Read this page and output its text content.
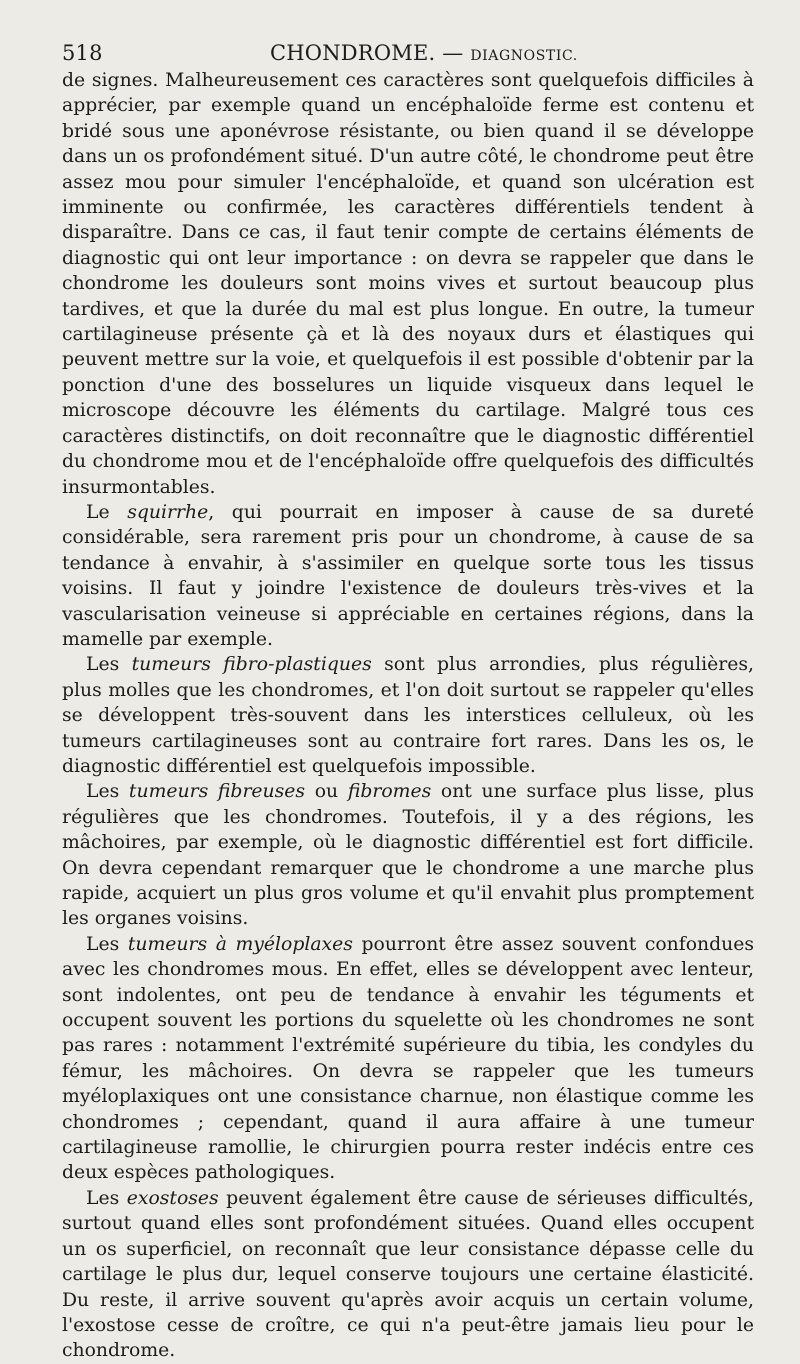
518	CHONDROME. — DIAGNOSTIC.

de signes. Malheureusement ces caractères sont quelquefois difficiles à apprécier, par exemple quand un encéphaloïde ferme est contenu et bridé sous une aponévrose résistante, ou bien quand il se développe dans un os profondément situé. D'un autre côté, le chondrome peut être assez mou pour simuler l'encéphaloïde, et quand son ulcération est imminente ou confirmée, les caractères différentiels tendent à disparaître. Dans ce cas, il faut tenir compte de certains éléments de diagnostic qui ont leur importance : on devra se rappeler que dans le chondrome les douleurs sont moins vives et surtout beaucoup plus tardives, et que la durée du mal est plus longue. En outre, la tumeur cartilagineuse présente çà et là des noyaux durs et élastiques qui peuvent mettre sur la voie, et quelquefois il est possible d'obtenir par la ponction d'une des bosselures un liquide visqueux dans lequel le microscope découvre les éléments du cartilage. Malgré tous ces caractères distinctifs, on doit reconnaître que le diagnostic différentiel du chondrome mou et de l'encéphaloïde offre quelquefois des difficultés insurmontables.

Le squirrhe, qui pourrait en imposer à cause de sa dureté considérable, sera rarement pris pour un chondrome, à cause de sa tendance à envahir, à s'assimiler en quelque sorte tous les tissus voisins. Il faut y joindre l'existence de douleurs très-vives et la vascularisation veineuse si appréciable en certaines régions, dans la mamelle par exemple.

Les tumeurs fibro-plastiques sont plus arrondies, plus régulières, plus molles que les chondromes, et l'on doit surtout se rappeler qu'elles se développent très-souvent dans les interstices celluleux, où les tumeurs cartilagineuses sont au contraire fort rares. Dans les os, le diagnostic différentiel est quelquefois impossible.

Les tumeurs fibreuses ou fibromes ont une surface plus lisse, plus régulières que les chondromes. Toutefois, il y a des régions, les mâchoires, par exemple, où le diagnostic différentiel est fort difficile. On devra cependant remarquer que le chondrome a une marche plus rapide, acquiert un plus gros volume et qu'il envahit plus promptement les organes voisins.

Les tumeurs à myéloplaxes pourront être assez souvent confondues avec les chondromes mous. En effet, elles se développent avec lenteur, sont indolentes, ont peu de tendance à envahir les téguments et occupent souvent les portions du squelette où les chondromes ne sont pas rares : notamment l'extrémité supérieure du tibia, les condyles du fémur, les mâchoires. On devra se rappeler que les tumeurs myéloplaxiques ont une consistance charnue, non élastique comme les chondromes ; cependant, quand il aura affaire à une tumeur cartilagineuse ramollie, le chirurgien pourra rester indécis entre ces deux espèces pathologiques.

Les exostoses peuvent également être cause de sérieuses difficultés, surtout quand elles sont profondément situées. Quand elles occupent un os superficiel, on reconnaît que leur consistance dépasse celle du cartilage le plus dur, lequel conserve toujours une certaine élasticité. Du reste, il arrive souvent qu'après avoir acquis un certain volume, l'exostose cesse de croître, ce qui n'a peut-être jamais lieu pour le chondrome.
